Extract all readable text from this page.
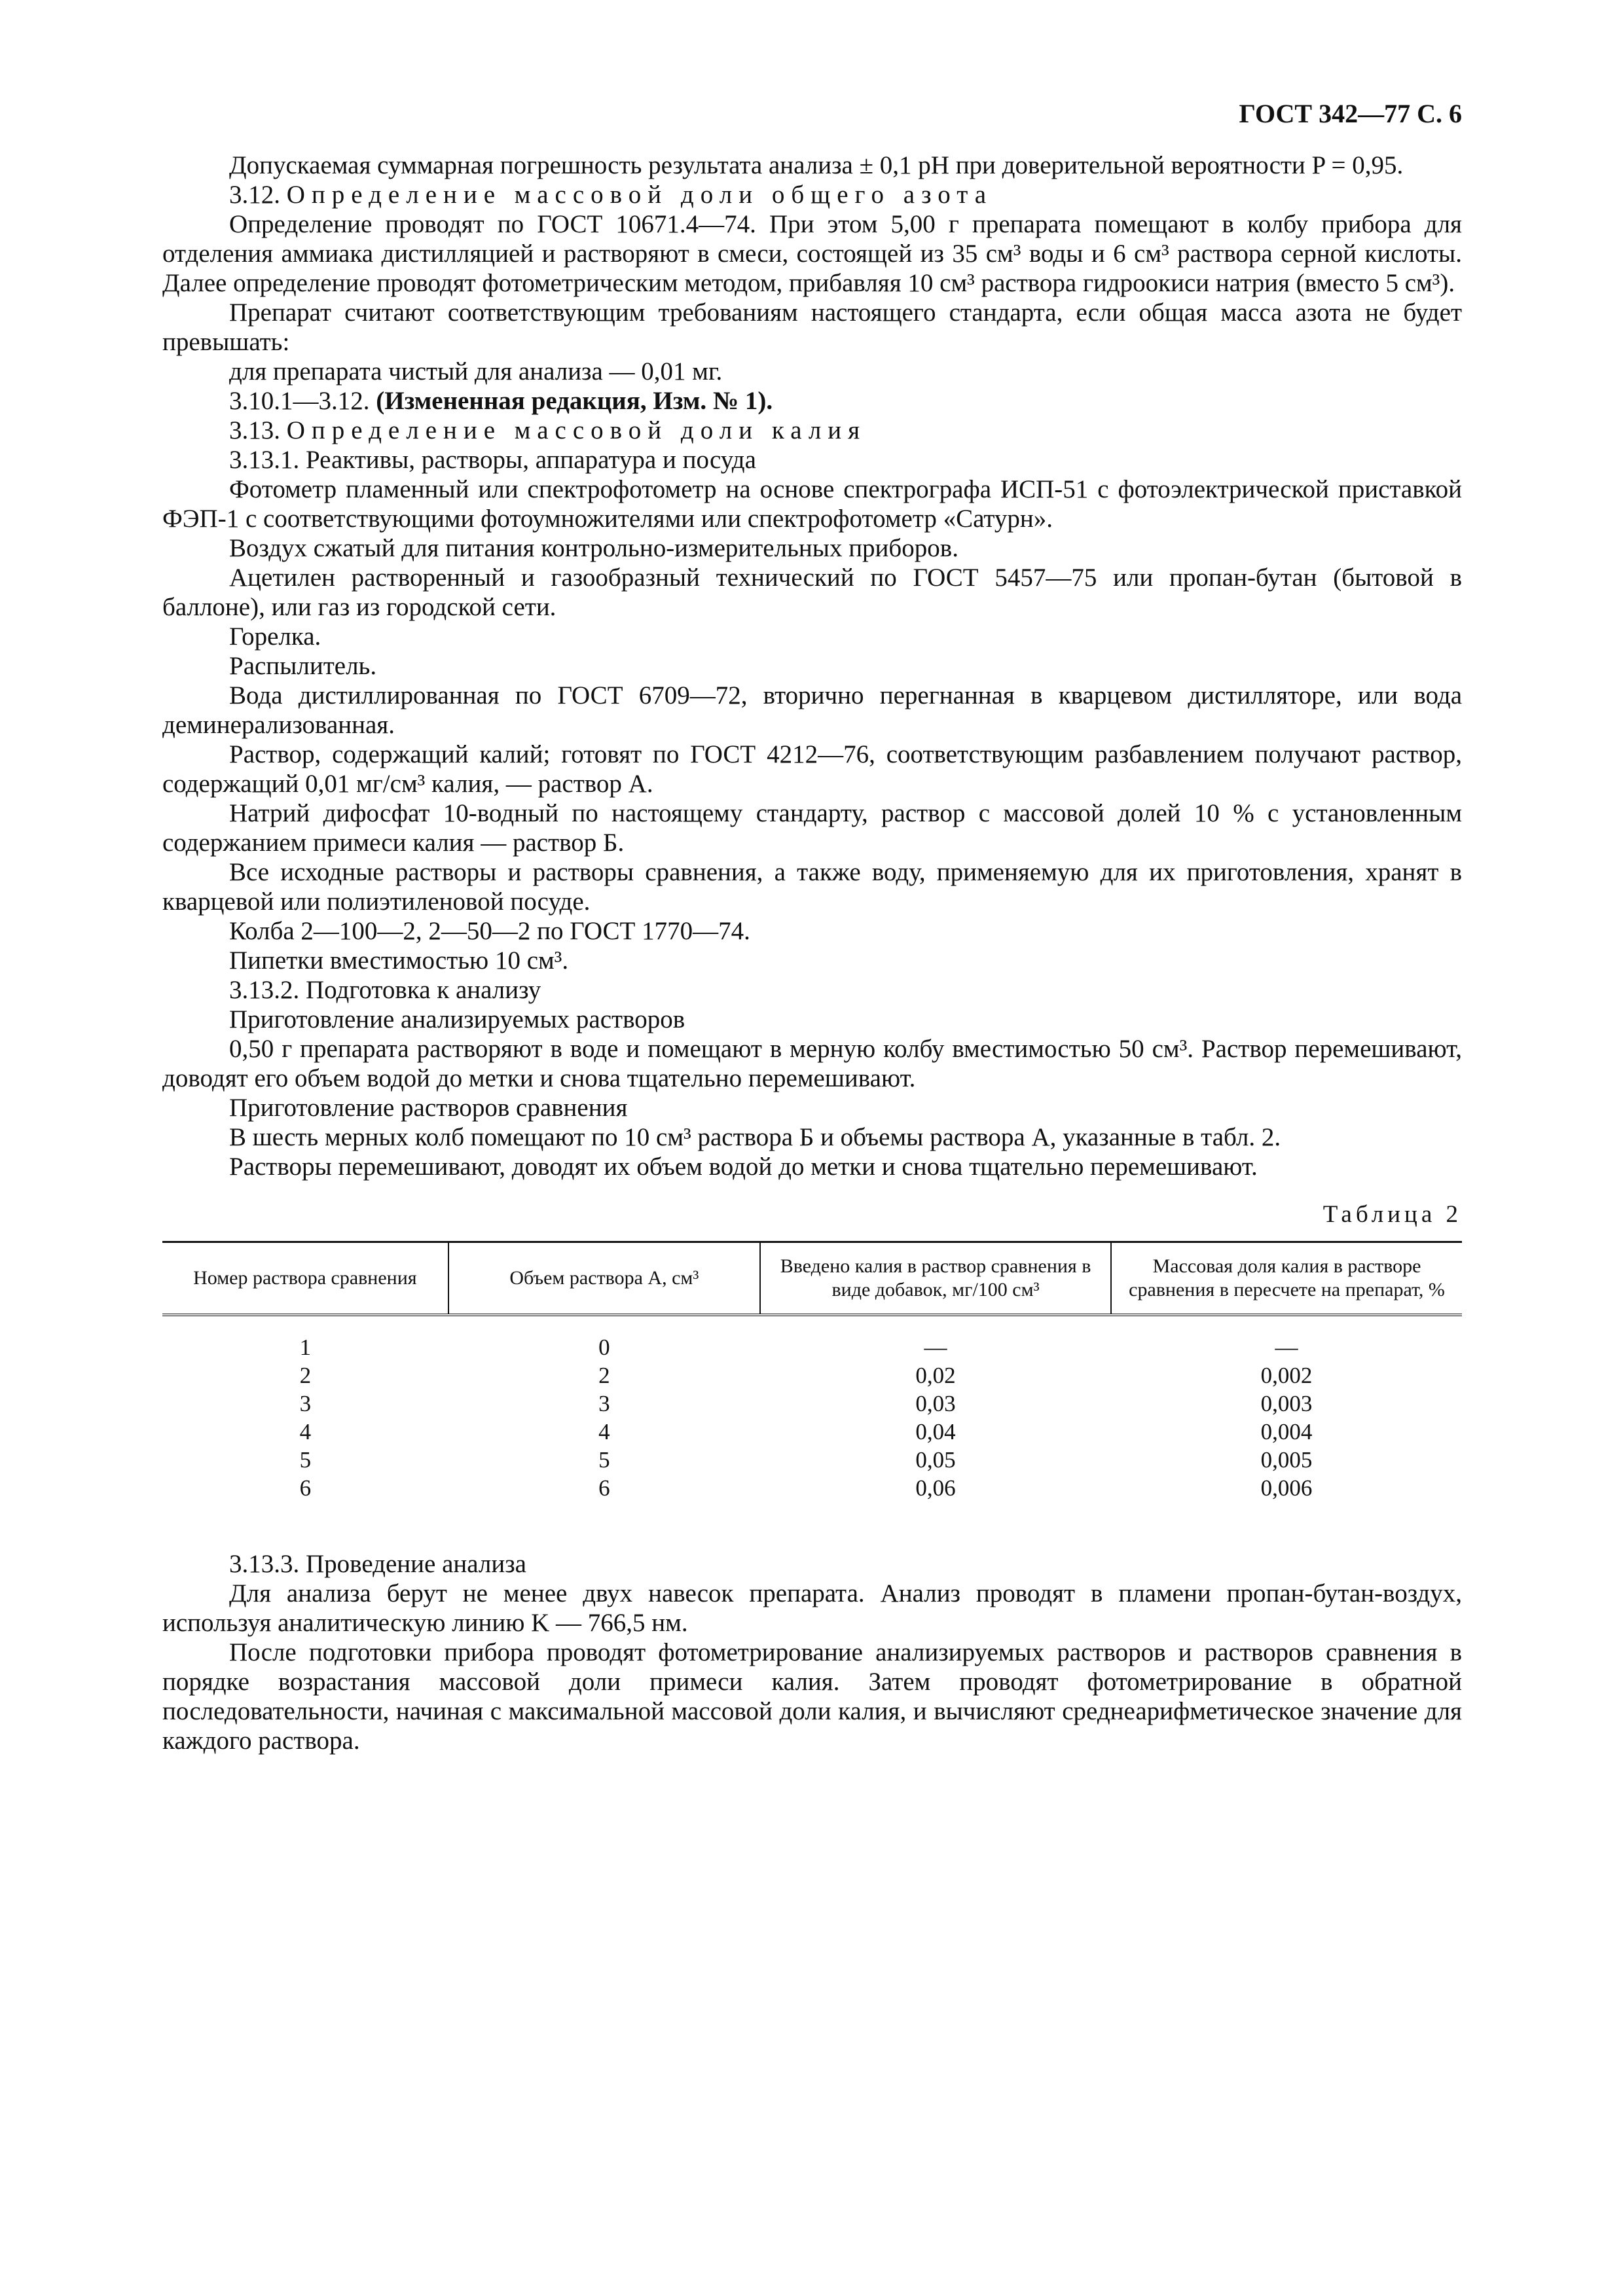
ГОСТ 342—77 С. 6

Допускаемая суммарная погрешность результата анализа ± 0,1 pH при доверительной вероятности P = 0,95.

3.12. Определение массовой доли общего азота

Определение проводят по ГОСТ 10671.4—74. При этом 5,00 г препарата помещают в колбу прибора для отделения аммиака дистилляцией и растворяют в смеси, состоящей из 35 см³ воды и 6 см³ раствора серной кислоты. Далее определение проводят фотометрическим методом, прибавляя 10 см³ раствора гидроокиси натрия (вместо 5 см³).

Препарат считают соответствующим требованиям настоящего стандарта, если общая масса азота не будет превышать:

для препарата чистый для анализа — 0,01 мг.

3.10.1—3.12. (Измененная редакция, Изм. № 1).

3.13. Определение массовой доли калия

3.13.1. Реактивы, растворы, аппаратура и посуда

Фотометр пламенный или спектрофотометр на основе спектрографа ИСП-51 с фотоэлектрической приставкой ФЭП-1 с соответствующими фотоумножителями или спектрофотометр «Сатурн».

Воздух сжатый для питания контрольно-измерительных приборов.

Ацетилен растворенный и газообразный технический по ГОСТ 5457—75 или пропан-бутан (бытовой в баллоне), или газ из городской сети.

Горелка.

Распылитель.

Вода дистиллированная по ГОСТ 6709—72, вторично перегнанная в кварцевом дистилляторе, или вода деминерализованная.

Раствор, содержащий калий; готовят по ГОСТ 4212—76, соответствующим разбавлением получают раствор, содержащий 0,01 мг/см³ калия, — раствор А.

Натрий дифосфат 10-водный по настоящему стандарту, раствор с массовой долей 10 % с установленным содержанием примеси калия — раствор Б.

Все исходные растворы и растворы сравнения, а также воду, применяемую для их приготовления, хранят в кварцевой или полиэтиленовой посуде.

Колба 2—100—2, 2—50—2 по ГОСТ 1770—74.

Пипетки вместимостью 10 см³.

3.13.2. Подготовка к анализу

Приготовление анализируемых растворов

0,50 г препарата растворяют в воде и помещают в мерную колбу вместимостью 50 см³. Раствор перемешивают, доводят его объем водой до метки и снова тщательно перемешивают.

Приготовление растворов сравнения

В шесть мерных колб помещают по 10 см³ раствора Б и объемы раствора А, указанные в табл. 2.

Растворы перемешивают, доводят их объем водой до метки и снова тщательно перемешивают.

Таблица 2
Номер раствора сравнения	Объем раствора А, см³	Введено калия в раствор сравнения в виде добавок, мг/100 см³	Массовая доля калия в растворе сравнения в пересчете на препарат, %
1	0	—	—
2	2	0,02	0,002
3	3	0,03	0,003
4	4	0,04	0,004
5	5	0,05	0,005
6	6	0,06	0,006

3.13.3. Проведение анализа

Для анализа берут не менее двух навесок препарата. Анализ проводят в пламени пропан-бутан-воздух, используя аналитическую линию K — 766,5 нм.

После подготовки прибора проводят фотометрирование анализируемых растворов и растворов сравнения в порядке возрастания массовой доли примеси калия. Затем проводят фотометрирование в обратной последовательности, начиная с максимальной массовой доли калия, и вычисляют среднеарифметическое значение для каждого раствора.
